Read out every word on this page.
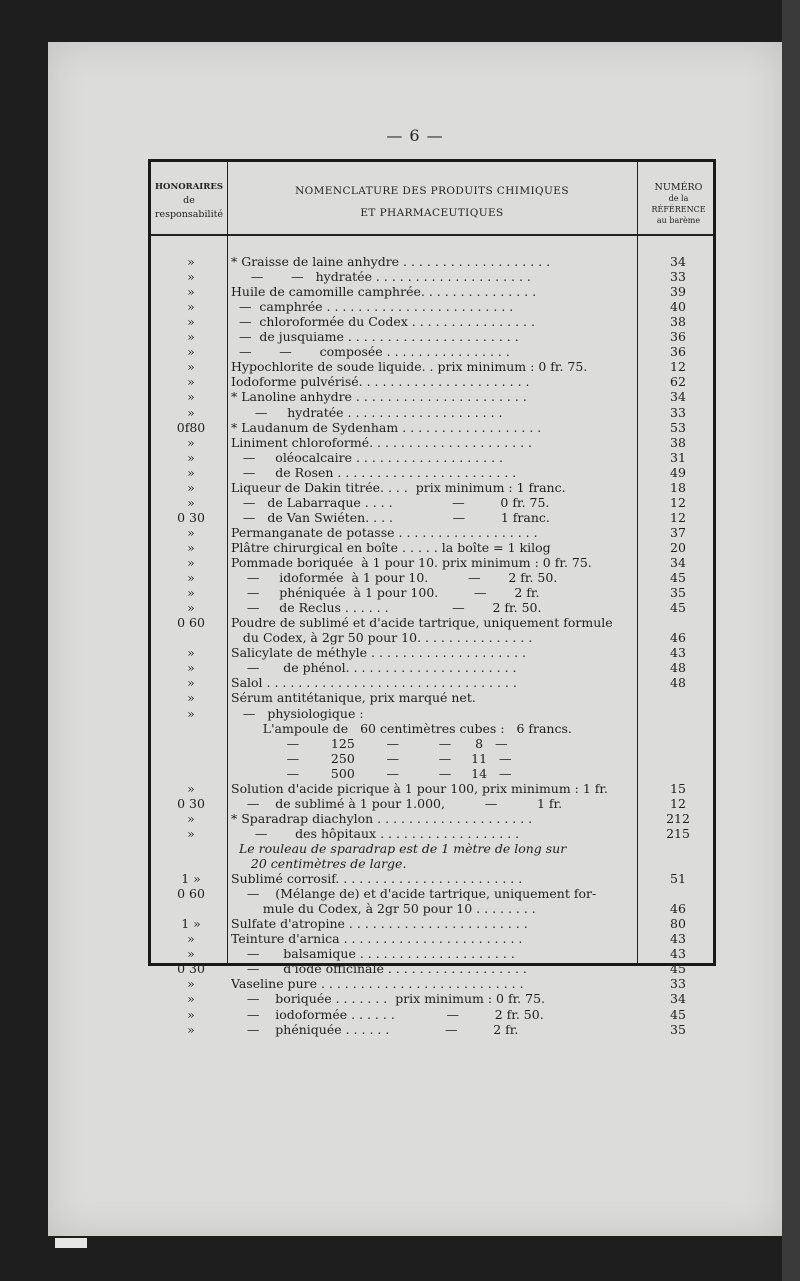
— 6 —
HONORAIRES
de
responsabilité
NOMENCLATURE DES PRODUITS CHIMIQUES
ET PHARMACEUTIQUES
NUMÉRO
de la
RÉFÉRENCE
au barème
»	* Graisse de laine anhydre . . . . . . . . . . . . . . . . . . .	34
»	—       —   hydratée . . . . . . . . . . . . . . . . . . . .	33
»	Huile de camomille camphrée. . . . . . . . . . . . . . .	39
»	—  camphrée . . . . . . . . . . . . . . . . . . . . . . . .	40
»	—  chloroformée du Codex . . . . . . . . . . . . . . . .	38
»	—  de jusquiame . . . . . . . . . . . . . . . . . . . . . .	36
»	—       —       composée . . . . . . . . . . . . . . . .	36
»	Hypochlorite de soude liquide. . prix minimum : 0 fr. 75.	12
»	Iodoforme pulvérisé. . . . . . . . . . . . . . . . . . . . . .	62
»	* Lanoline anhydre . . . . . . . . . . . . . . . . . . . . . .	34
»	—     hydratée . . . . . . . . . . . . . . . . . . . .	33
0f80	* Laudanum de Sydenham . . . . . . . . . . . . . . . . . .	53
»	Liniment chloroformé. . . . . . . . . . . . . . . . . . . . .	38
»	—     oléocalcaire . . . . . . . . . . . . . . . . . . .	31
»	—     de Rosen . . . . . . . . . . . . . . . . . . . . . . .	49
»	Liqueur de Dakin titrée. . . .  prix minimum : 1 franc.	18
»	—   de Labarraque . . . .               —         0 fr. 75.	12
0 30	—   de Van Swiéten. . . .               —         1 franc.	12
»	Permanganate de potasse . . . . . . . . . . . . . . . . . .	37
»	Plâtre chirurgical en boîte . . . . . la boîte = 1 kilog	20
»	Pommade boriquée  à 1 pour 10. prix minimum : 0 fr. 75.	34
»	—     idoformée  à 1 pour 10.          —       2 fr. 50.	45
»	—     phéniquée  à 1 pour 100.         —       2 fr.	35
»	—     de Reclus . . . . . .                —       2 fr. 50.	45
0 60	Poudre de sublimé et d'acide tartrique, uniquement formule
du Codex, à 2gr 50 pour 10. . . . . . . . . . . . . . .	46
»	Salicylate de méthyle . . . . . . . . . . . . . . . . . . . .	43
»	—      de phénol. . . . . . . . . . . . . . . . . . . . . .	48
»	Salol . . . . . . . . . . . . . . . . . . . . . . . . . . . . . . . .	48
»	Sérum antitétanique, prix marqué net.
»	—   physiologique :
L'ampoule de   60 centimètres cubes :   6 francs.
—        125        —          —      8   —
—        250        —          —     11   —
—        500        —          —     14   —
»	Solution d'acide picrique à 1 pour 100, prix minimum : 1 fr.	15
0 30	—    de sublimé à 1 pour 1.000,          —          1 fr.	12
»	* Sparadrap diachylon . . . . . . . . . . . . . . . . . . . .	212
»	—       des hôpitaux . . . . . . . . . . . . . . . . . .	215
Le rouleau de sparadrap est de 1 mètre de long sur
20 centimètres de large.
1 »	Sublimé corrosif. . . . . . . . . . . . . . . . . . . . . . . .	51
0 60	—    (Mélange de) et d'acide tartrique, uniquement for-
mule du Codex, à 2gr 50 pour 10 . . . . . . . .	46
1 »	Sulfate d'atropine . . . . . . . . . . . . . . . . . . . . . . .	80
»	Teinture d'arnica . . . . . . . . . . . . . . . . . . . . . . .	43
»	—      balsamique . . . . . . . . . . . . . . . . . . . .	43
0 30	—      d'iode officinale . . . . . . . . . . . . . . . . . .	45
»	Vaseline pure . . . . . . . . . . . . . . . . . . . . . . . . . .	33
»	—    boriquée . . . . . . .  prix minimum : 0 fr. 75.	34
»	—    iodoformée . . . . . .             —         2 fr. 50.	45
»	—    phéniquée . . . . . .              —         2 fr.	35
